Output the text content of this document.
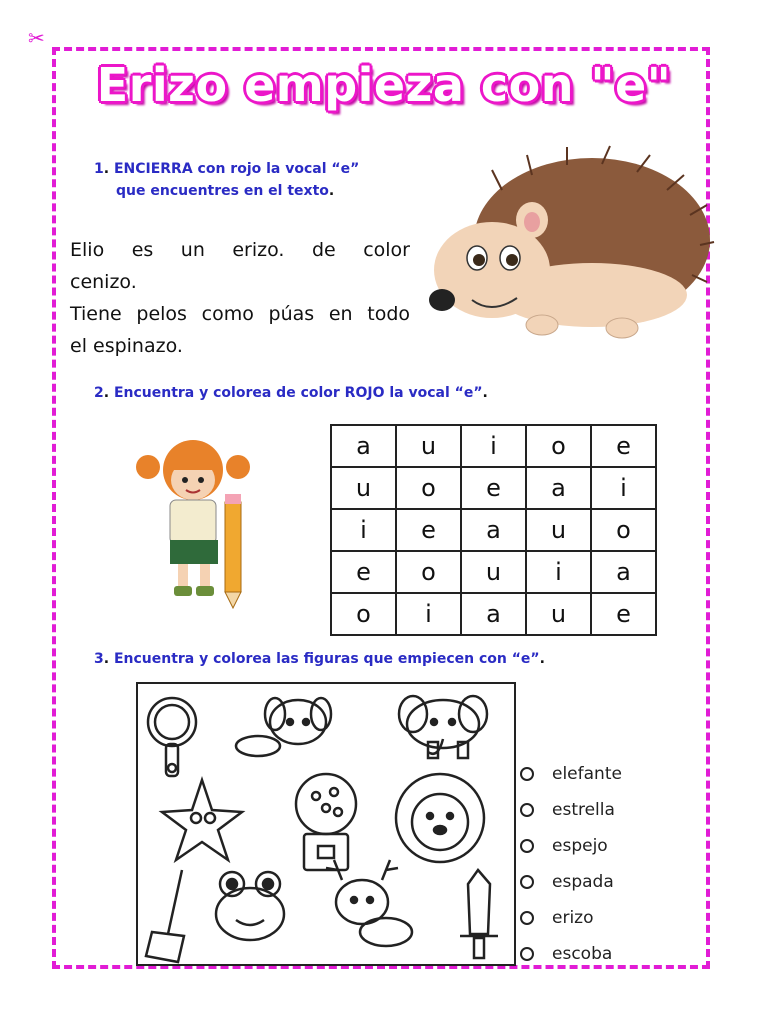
✂
Erizo empieza con "e"
1. ENCIERRA con rojo la vocal “e”
que encuentres en el texto.
Elio es un erizo. de color
cenizo.
Tiene pelos como púas en todo
el espinazo.
2. Encuentra y colorea de color ROJO la vocal “e”.
a	u	i	o	e
u	o	e	a	i
i	e	a	u	o
e	o	u	i	a
o	i	a	u	e
3. Encuentra y colorea las figuras que empiecen con “e”.
elefante
estrella
espejo
espada
erizo
escoba
